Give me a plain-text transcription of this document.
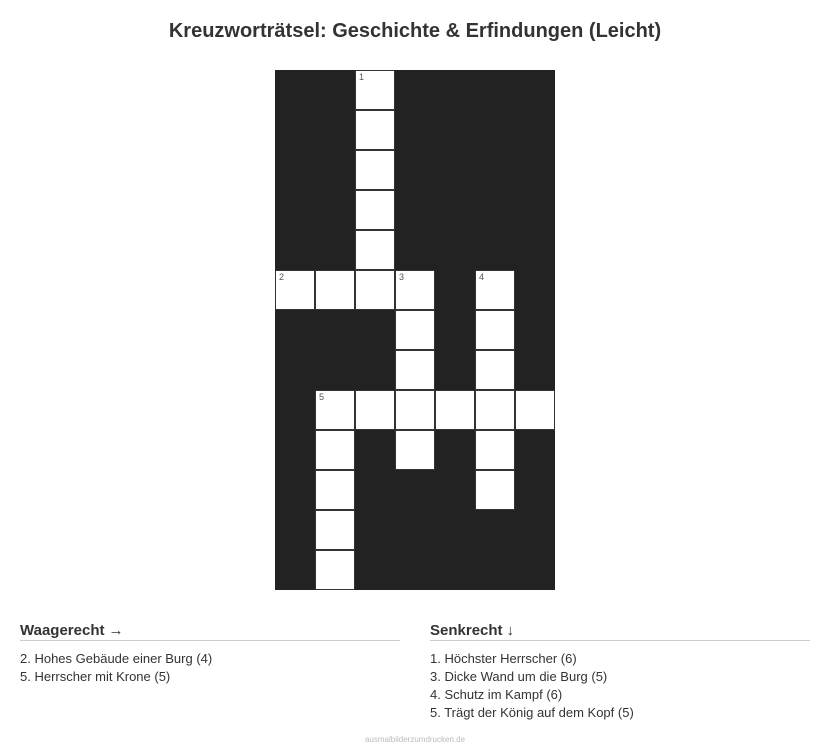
Kreuzworträtsel: Geschichte & Erfindungen (Leicht)
1
2	3	4
5
Waagerecht →

2. Hohes Gebäude einer Burg (4)

5. Herrscher mit Krone (5)

Senkrecht ↓

1. Höchster Herrscher (6)

3. Dicke Wand um die Burg (5)

4. Schutz im Kampf (6)

5. Trägt der König auf dem Kopf (5)

ausmalbilderzumdrucken.de
